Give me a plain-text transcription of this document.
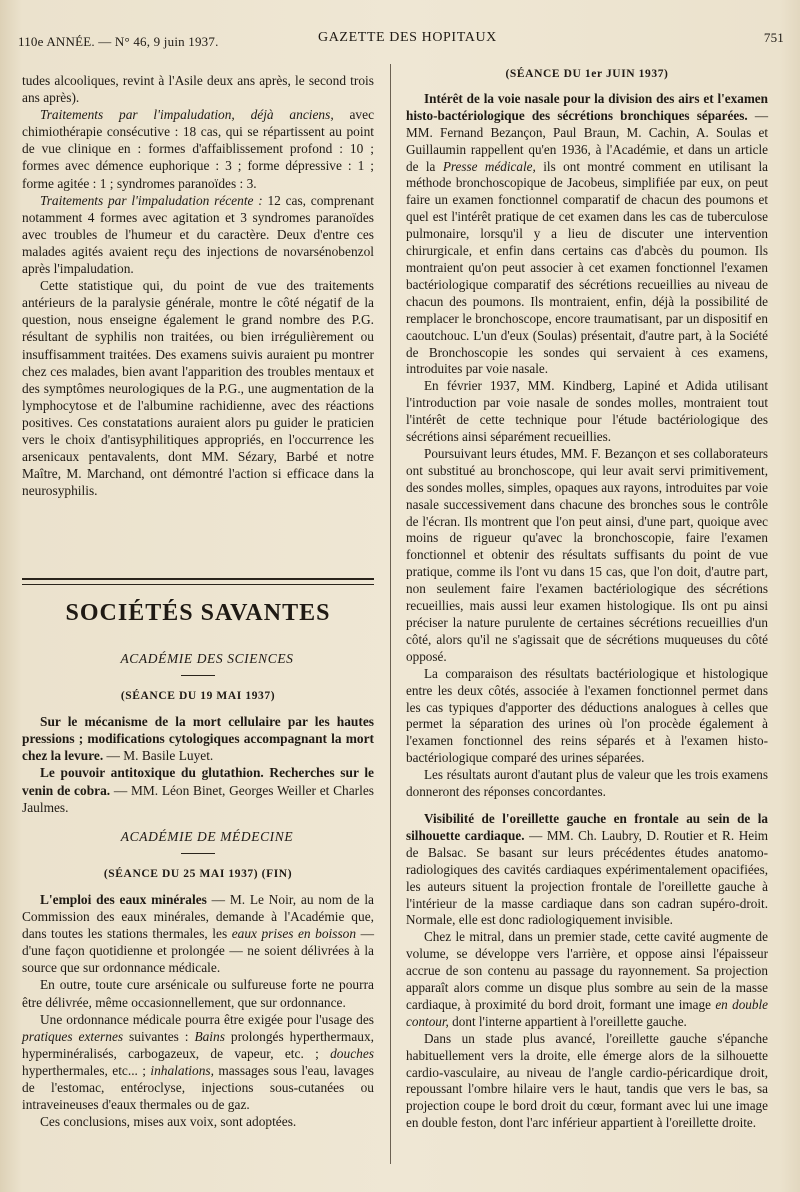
110e ANNÉE. — N° 46, 9 juin 1937.	GAZETTE DES HOPITAUX	751

tudes alcooliques, revint à l'Asile deux ans après, le second trois ans après).

Traitements par l'impaludation, déjà anciens, avec chimiothérapie consécutive : 18 cas, qui se répartissent au point de vue clinique en : formes d'affaiblissement profond : 10 ; formes avec démence euphorique : 3 ; forme dépressive : 1 ; forme agitée : 1 ; syndromes paranoïdes : 3.

Traitements par l'impaludation récente : 12 cas, comprenant notamment 4 formes avec agitation et 3 syndromes paranoïdes avec troubles de l'humeur et du caractère. Deux d'entre ces malades agités avaient reçu des injections de novarsénobenzol après l'impaludation.

Cette statistique qui, du point de vue des traitements antérieurs de la paralysie générale, montre le côté négatif de la question, nous enseigne également le grand nombre des P.G. résultant de syphilis non traitées, ou bien irrégulièrement ou insuffisamment traitées. Des examens suivis auraient pu montrer chez ces malades, bien avant l'apparition des troubles mentaux et des symptômes neurologiques de la P.G., une augmentation de la lymphocytose et de l'albumine rachidienne, avec des réactions positives. Ces constatations auraient alors pu guider le praticien vers le choix d'antisyphilitiques appropriés, en l'occurrence les arsenicaux pentavalents, dont MM. Sézary, Barbé et notre Maître, M. Marchand, ont démontré l'action si efficace dans la neurosyphilis.

SOCIÉTÉS SAVANTES

ACADÉMIE DES SCIENCES

(SÉANCE DU 19 MAI 1937)

Sur le mécanisme de la mort cellulaire par les hautes pressions ; modifications cytologiques accompagnant la mort chez la levure. — M. Basile Luyet.

Le pouvoir antitoxique du glutathion. Recherches sur le venin de cobra. — MM. Léon Binet, Georges Weiller et Charles Jaulmes.

ACADÉMIE DE MÉDECINE

(SÉANCE DU 25 MAI 1937) (FIN)

L'emploi des eaux minérales — M. Le Noir, au nom de la Commission des eaux minérales, demande à l'Académie que, dans toutes les stations thermales, les eaux prises en boisson — d'une façon quotidienne et prolongée — ne soient délivrées à la source que sur ordonnance médicale.

En outre, toute cure arsénicale ou sulfureuse forte ne pourra être délivrée, même occasionnellement, que sur ordonnance.

Une ordonnance médicale pourra être exigée pour l'usage des pratiques externes suivantes : Bains prolongés hyperthermaux, hyperminéralisés, carbogazeux, de vapeur, etc. ; douches hyperthermales, etc... ; inhalations, massages sous l'eau, lavages de l'estomac, entéroclyse, injections sous-cutanées ou intraveineuses d'eaux thermales ou de gaz.

Ces conclusions, mises aux voix, sont adoptées.

(SÉANCE DU 1er JUIN 1937)

Intérêt de la voie nasale pour la division des airs et l'examen histo-bactériologique des sécrétions bronchiques séparées. — MM. Fernand Bezançon, Paul Braun, M. Cachin, A. Soulas et Guillaumin rappellent qu'en 1936, à l'Académie, et dans un article de la Presse médicale, ils ont montré comment en utilisant la méthode bronchoscopique de Jacobeus, simplifiée par eux, on peut faire un examen fonctionnel comparatif de chacun des poumons et quel est l'intérêt pratique de cet examen dans les cas de tuberculose pulmonaire, lorsqu'il y a lieu de discuter une intervention chirurgicale, et enfin dans certains cas d'abcès du poumon. Ils montraient qu'on peut associer à cet examen fonctionnel l'examen bactériologique comparatif des sécrétions recueillies au niveau de chacun des poumons. Ils montraient, enfin, déjà la possibilité de remplacer le bronchoscope, encore traumatisant, par un dispositif en caoutchouc. L'un d'eux (Soulas) présentait, d'autre part, à la Société de Bronchoscopie les sondes qui servaient à ces examens, introduites par voie nasale.

En février 1937, MM. Kindberg, Lapiné et Adida utilisant l'introduction par voie nasale de sondes molles, montraient tout l'intérêt de cette technique pour l'étude bactériologique des sécrétions ainsi séparément recueillies.

Poursuivant leurs études, MM. F. Bezançon et ses collaborateurs ont substitué au bronchoscope, qui leur avait servi primitivement, des sondes molles, simples, opaques aux rayons, introduites par voie nasale successivement dans chacune des bronches sous le contrôle de l'écran. Ils montrent que l'on peut ainsi, d'une part, quoique avec moins de rigueur qu'avec la bronchoscopie, faire l'examen fonctionnel et obtenir des résultats suffisants du point de vue pratique, comme ils l'ont vu dans 15 cas, que l'on doit, d'autre part, non seulement faire l'examen bactériologique des sécrétions recueillies, mais aussi leur examen histologique. Ils ont pu ainsi préciser la nature purulente de certaines sécrétions recueillies d'un côté, alors qu'il ne s'agissait que de sécrétions muqueuses du côté opposé.

La comparaison des résultats bactériologique et histologique entre les deux côtés, associée à l'examen fonctionnel permet dans les cas typiques d'apporter des déductions analogues à celles que permet la séparation des urines où l'on procède également à l'examen fonctionnel des reins séparés et à l'examen histo-bactériologique comparé des urines séparées.

Les résultats auront d'autant plus de valeur que les trois examens donneront des réponses concordantes.

Visibilité de l'oreillette gauche en frontale au sein de la silhouette cardiaque. — MM. Ch. Laubry, D. Routier et R. Heim de Balsac. Se basant sur leurs précédentes études anatomo-radiologiques des cavités cardiaques expérimentalement opacifiées, les auteurs situent la projection frontale de l'oreillette gauche à l'intérieur de la masse cardiaque dans son cadran supéro-droit. Normale, elle est donc radiologiquement invisible.

Chez le mitral, dans un premier stade, cette cavité augmente de volume, se développe vers l'arrière, et oppose ainsi l'épaisseur accrue de son contenu au passage du rayonnement. Sa projection apparaît alors comme un disque plus sombre au sein de la masse cardiaque, à proximité du bord droit, formant une image en double contour, dont l'interne appartient à l'oreillette gauche.

Dans un stade plus avancé, l'oreillette gauche s'épanche habituellement vers la droite, elle émerge alors de la silhouette cardio-vasculaire, au niveau de l'angle cardio-péricardique droit, repoussant l'ombre hilaire vers le haut, tandis que vers le bas, sa projection coupe le bord droit du cœur, formant avec lui une image en double feston, dont l'arc inférieur appartient à l'oreillette droite.
